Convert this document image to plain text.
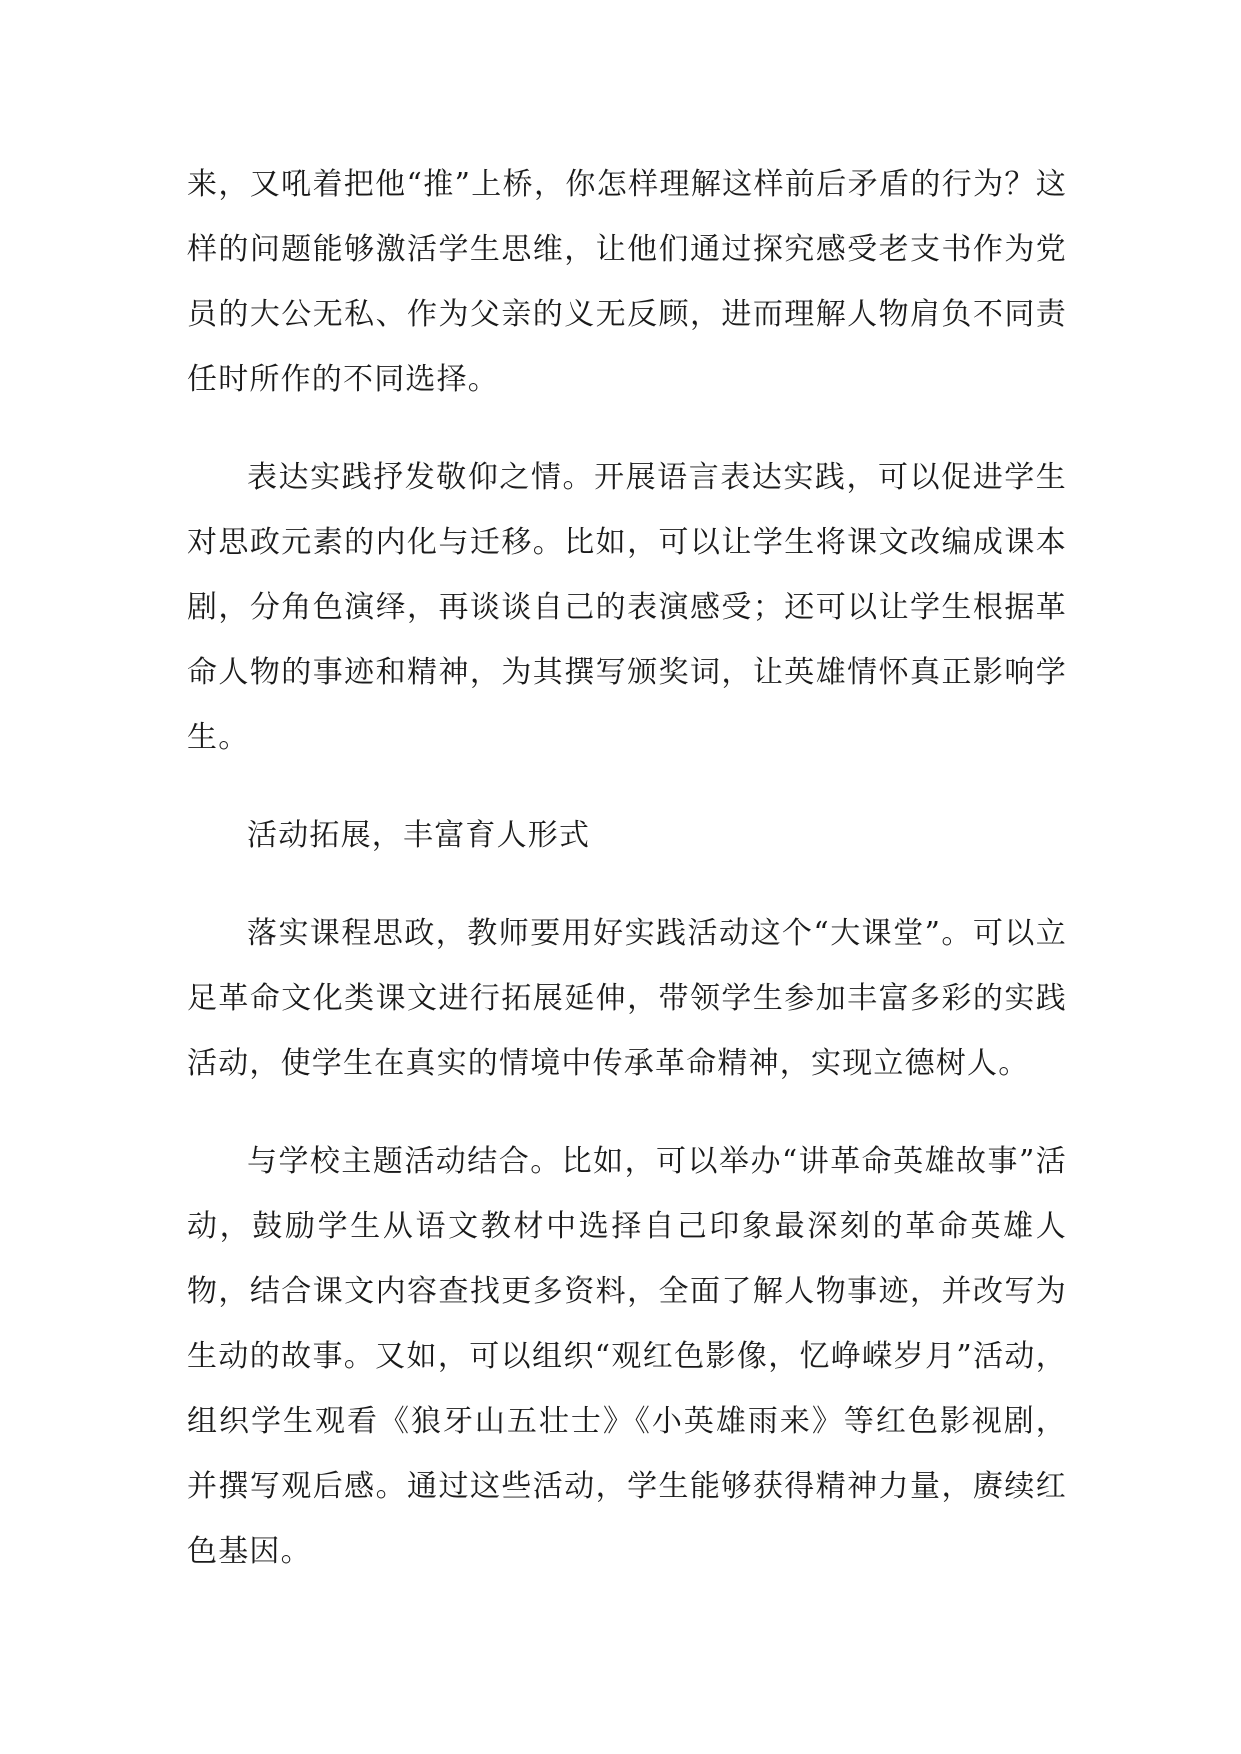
来，又吼着把他“推”上桥，你怎样理解这样前后矛盾的行为？这样的问题能够激活学生思维，让他们通过探究感受老支书作为党员的大公无私、作为父亲的义无反顾，进而理解人物肩负不同责任时所作的不同选择。

表达实践抒发敬仰之情。开展语言表达实践，可以促进学生对思政元素的内化与迁移。比如，可以让学生将课文改编成课本剧，分角色演绎，再谈谈自己的表演感受；还可以让学生根据革命人物的事迹和精神，为其撰写颁奖词，让英雄情怀真正影响学生。

活动拓展，丰富育人形式

落实课程思政，教师要用好实践活动这个“大课堂”。可以立足革命文化类课文进行拓展延伸，带领学生参加丰富多彩的实践活动，使学生在真实的情境中传承革命精神，实现立德树人。

与学校主题活动结合。比如，可以举办“讲革命英雄故事”活动，鼓励学生从语文教材中选择自己印象最深刻的革命英雄人物，结合课文内容查找更多资料，全面了解人物事迹，并改写为生动的故事。又如，可以组织“观红色影像，忆峥嵘岁月”活动，组织学生观看《狼牙山五壮士》《小英雄雨来》等红色影视剧，并撰写观后感。通过这些活动，学生能够获得精神力量，赓续红色基因。
